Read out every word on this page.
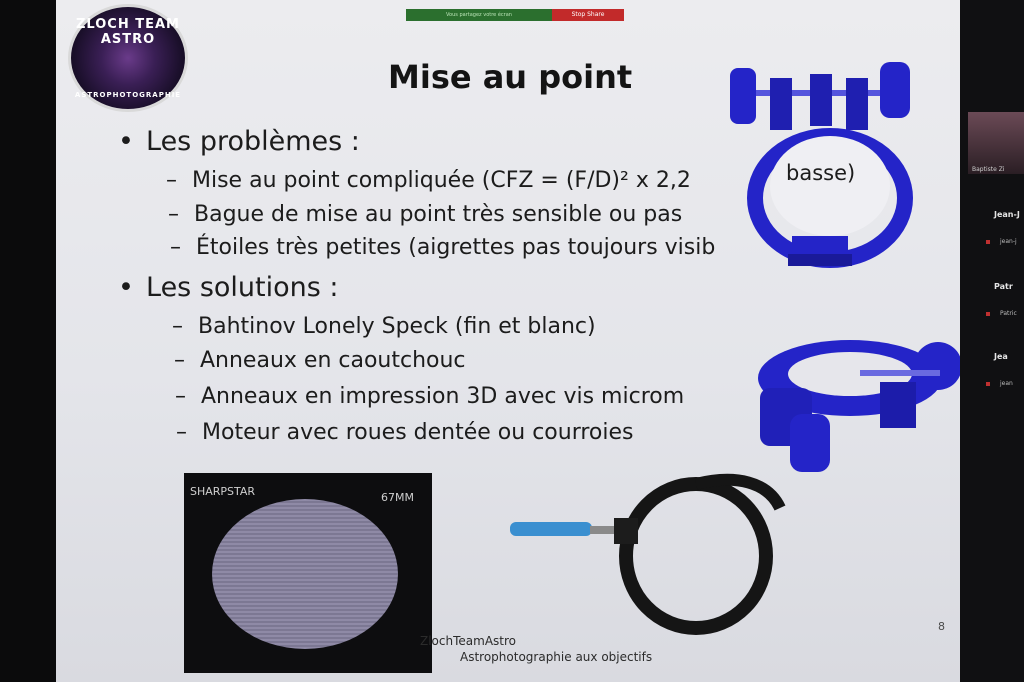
Vous partagez votre écran	Stop Share
ZLOCH TEAM ASTRO
ASTROPHOTOGRAPHIE	Mise au point
• Les problèmes :
– Mise au point compliquée (CFZ = (F/D)² x 2,2
– Bague de mise au point très sensible ou pas
– Étoiles très petites (aigrettes pas toujours visib
• Les solutions :
– Bahtinov Lonely Speck (fin et blanc)
– Anneaux en caoutchouc
– Anneaux en impression 3D avec vis microm
– Moteur avec roues dentée ou courroies
basse)
SHARPSTAR	67MM
ZlochTeamAstro
Astrophotographie aux objectifs
8
Baptiste Zi
Jean-J
jean-j
Patr
Patric
Jea
jean
